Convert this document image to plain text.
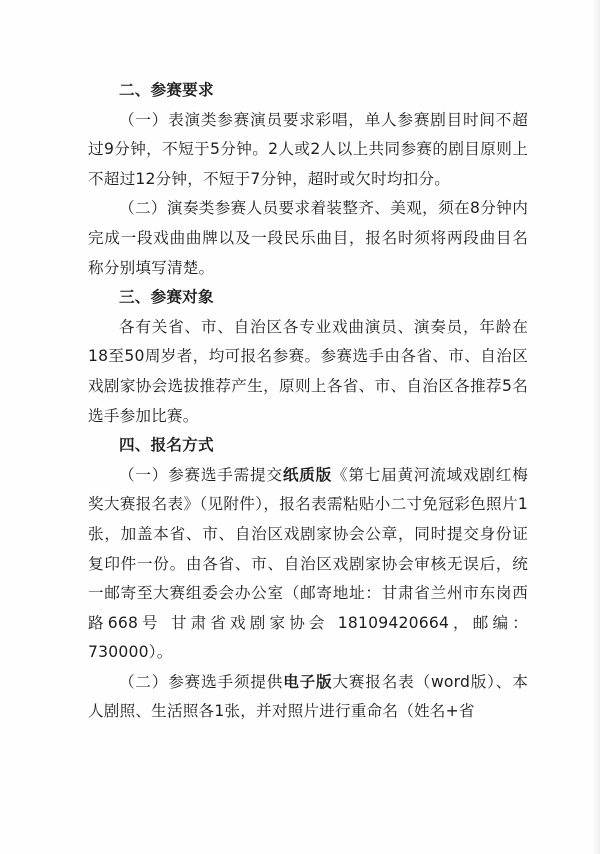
二、参赛要求

（一）表演类参赛演员要求彩唱，单人参赛剧目时间不超过9分钟，不短于5分钟。2人或2人以上共同参赛的剧目原则上不超过12分钟，不短于7分钟，超时或欠时均扣分。

（二）演奏类参赛人员要求着装整齐、美观，须在8分钟内完成一段戏曲曲牌以及一段民乐曲目，报名时须将两段曲目名称分别填写清楚。

三、参赛对象

各有关省、市、自治区各专业戏曲演员、演奏员，年龄在18至50周岁者，均可报名参赛。参赛选手由各省、市、自治区戏剧家协会选拔推荐产生，原则上各省、市、自治区各推荐5名选手参加比赛。

四、报名方式

（一）参赛选手需提交纸质版《第七届黄河流域戏剧红梅奖大赛报名表》（见附件），报名表需粘贴小二寸免冠彩色照片1张，加盖本省、市、自治区戏剧家协会公章，同时提交身份证复印件一份。由各省、市、自治区戏剧家协会审核无误后，统一邮寄至大赛组委会办公室（邮寄地址：甘肃省兰州市东岗西路668号 甘肃省戏剧家协会 18109420664，邮编：730000）。

（二）参赛选手须提供电子版大赛报名表（word版）、本人剧照、生活照各1张，并对照片进行重命名（姓名+省
